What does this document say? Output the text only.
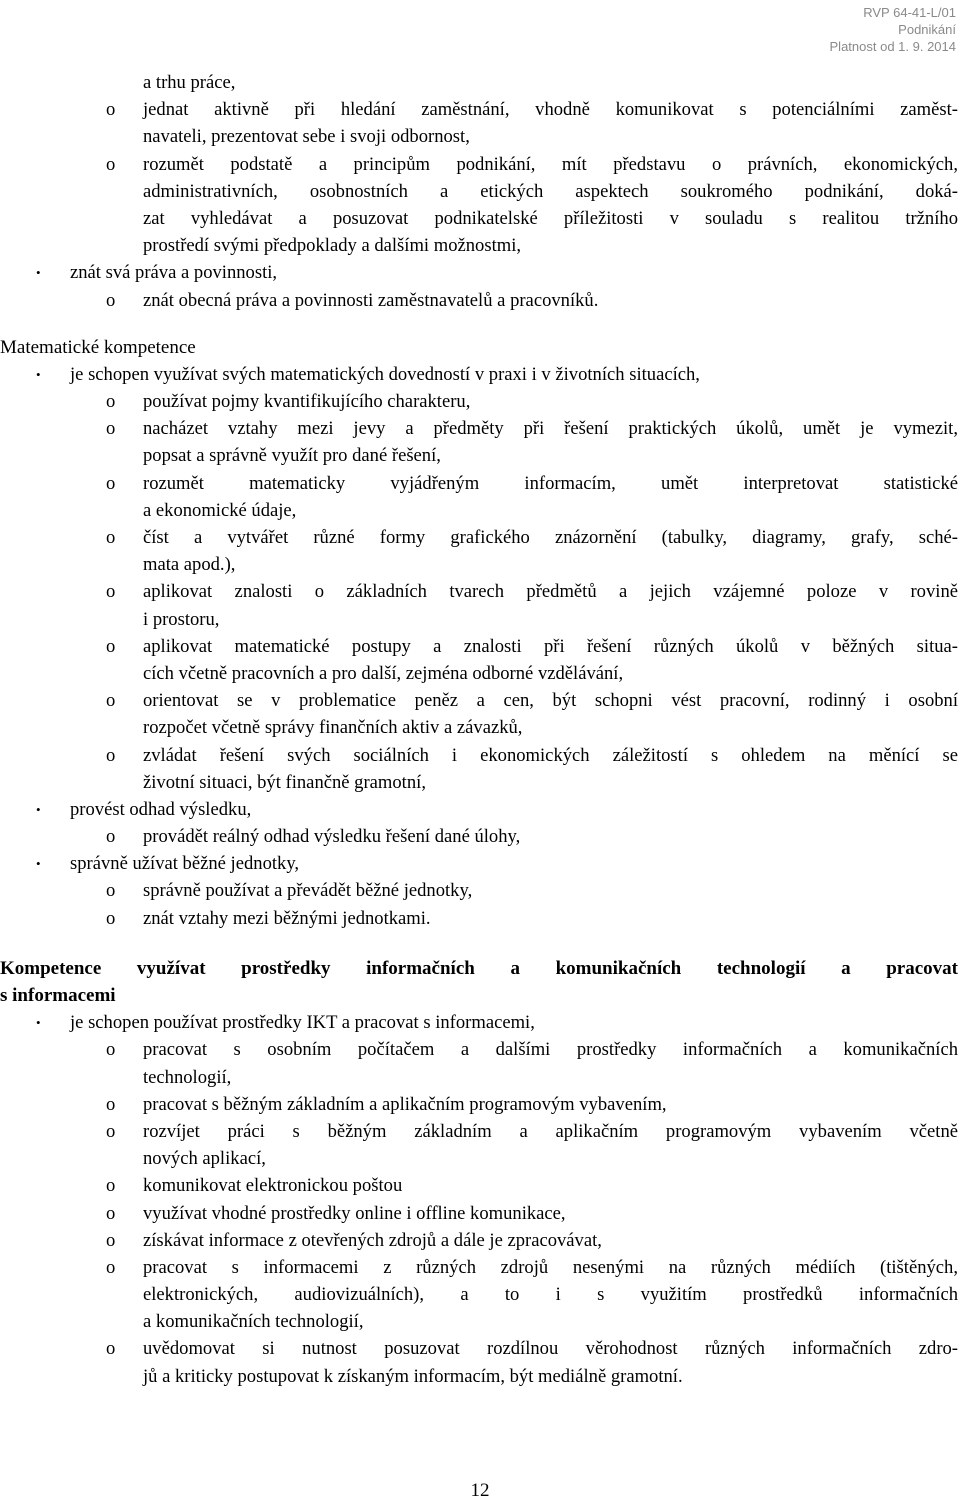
RVP 64-41-L/01
Podnikání
Platnost od 1. 9. 2014
a trhu práce,
o jednat aktivně při hledání zaměstnání, vhodně komunikovat s potenciálními zaměst-
navateli, prezentovat sebe i svoji odbornost,
o rozumět podstatě a principům podnikání, mít představu o právních, ekonomických,
administrativních, osobnostních a etických aspektech soukromého podnikání, doká-
zat vyhledávat a posuzovat podnikatelské příležitosti v souladu s realitou tržního
prostředí svými předpoklady a dalšími možnostmi,
• znát svá práva a povinnosti,
o znát obecná práva a povinnosti zaměstnavatelů a pracovníků.
Matematické kompetence
• je schopen využívat svých matematických dovedností v praxi i v životních situacích,
o používat pojmy kvantifikujícího charakteru,
o nacházet vztahy mezi jevy a předměty při řešení praktických úkolů, umět je vymezit,
popsat a správně využít pro dané řešení,
o rozumět matematicky vyjádřeným informacím, umět interpretovat statistické
a ekonomické údaje,
o číst a vytvářet různé formy grafického znázornění (tabulky, diagramy, grafy, sché-
mata apod.),
o aplikovat znalosti o základních tvarech předmětů a jejich vzájemné poloze v rovině
i prostoru,
o aplikovat matematické postupy a znalosti při řešení různých úkolů v běžných situa-
cích včetně pracovních a pro další, zejména odborné vzdělávání,
o orientovat se v problematice peněz a cen, být schopni vést pracovní, rodinný i osobní
rozpočet včetně správy finančních aktiv a závazků,
o zvládat řešení svých sociálních i ekonomických záležitostí s ohledem na měnící se
životní situaci, být finančně gramotní,
• provést odhad výsledku,
o provádět reálný odhad výsledku řešení dané úlohy,
• správně užívat běžné jednotky,
o správně používat a převádět běžné jednotky,
o znát vztahy mezi běžnými jednotkami.
Kompetence využívat prostředky informačních a komunikačních technologií a pracovat
s informacemi
• je schopen používat prostředky IKT a pracovat s informacemi,
o pracovat s osobním počítačem a dalšími prostředky informačních a komunikačních
technologií,
o pracovat s běžným základním a aplikačním programovým vybavením,
o rozvíjet práci s běžným základním a aplikačním programovým vybavením včetně
nových aplikací,
o komunikovat elektronickou poštou
o využívat vhodné prostředky online i offline komunikace,
o získávat informace z otevřených zdrojů a dále je zpracovávat,
o pracovat s informacemi z různých zdrojů nesenými na různých médiích (tištěných,
elektronických, audiovizuálních), a to i s využitím prostředků informačních
a komunikačních technologií,
o uvědomovat si nutnost posuzovat rozdílnou věrohodnost různých informačních zdro-
jů a kriticky postupovat k získaným informacím, být mediálně gramotní.
12
